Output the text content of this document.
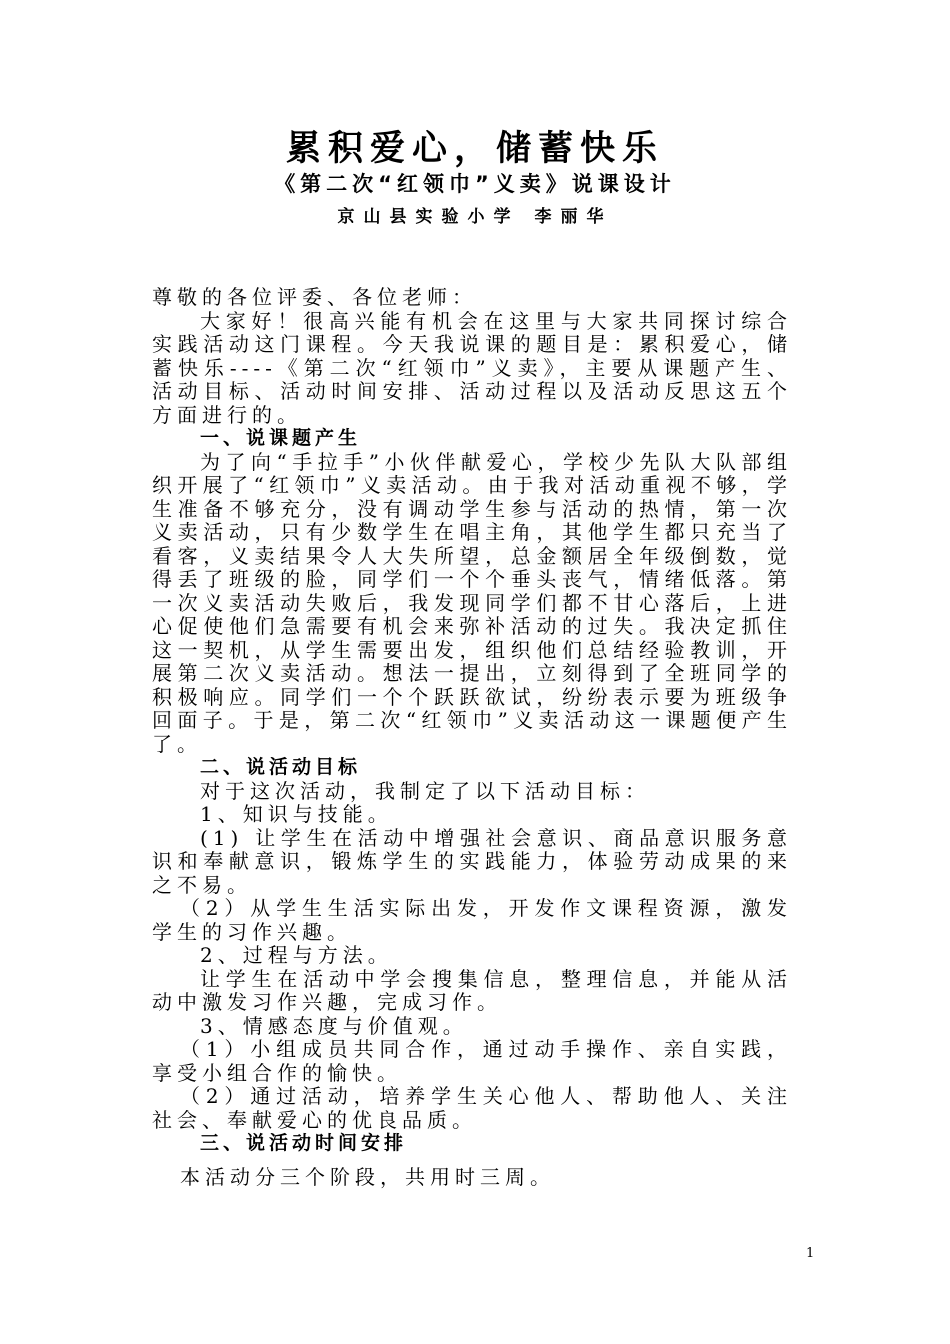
累积爱心，储蓄快乐
《第二次“红领巾”义卖》说课设计
京山县实验小学 李丽华

尊敬的各位评委、各位老师：

大家好！很高兴能有机会在这里与大家共同探讨综合实践活动这门课程。今天我说课的题目是：累积爱心，储蓄快乐----《第二次“红领巾”义卖》，主要从课题产生、活动目标、活动时间安排、活动过程以及活动反思这五个方面进行的。

一、说课题产生

为了向“手拉手”小伙伴献爱心，学校少先队大队部组织开展了“红领巾”义卖活动。由于我对活动重视不够，学生准备不够充分，没有调动学生参与活动的热情，第一次义卖活动，只有少数学生在唱主角，其他学生都只充当了看客，义卖结果令人大失所望，总金额居全年级倒数，觉得丢了班级的脸，同学们一个个垂头丧气，情绪低落。第一次义卖活动失败后，我发现同学们都不甘心落后，上进心促使他们急需要有机会来弥补活动的过失。我决定抓住这一契机，从学生需要出发，组织他们总结经验教训，开展第二次义卖活动。想法一提出，立刻得到了全班同学的积极响应。同学们一个个跃跃欲试，纷纷表示要为班级争回面子。于是，第二次“红领巾”义卖活动这一课题便产生了。

二、说活动目标

对于这次活动，我制定了以下活动目标：

1、知识与技能。

(1) 让学生在活动中增强社会意识、商品意识服务意识和奉献意识，锻炼学生的实践能力，体验劳动成果的来之不易。

（2）从学生生活实际出发，开发作文课程资源，激发学生的习作兴趣。

2、过程与方法。

让学生在活动中学会搜集信息，整理信息，并能从活动中激发习作兴趣，完成习作。

3、情感态度与价值观。

（1）小组成员共同合作，通过动手操作、亲自实践，享受小组合作的愉快。

（2）通过活动，培养学生关心他人、帮助他人、关注社会、奉献爱心的优良品质。

三、说活动时间安排

本活动分三个阶段，共用时三周。

1
